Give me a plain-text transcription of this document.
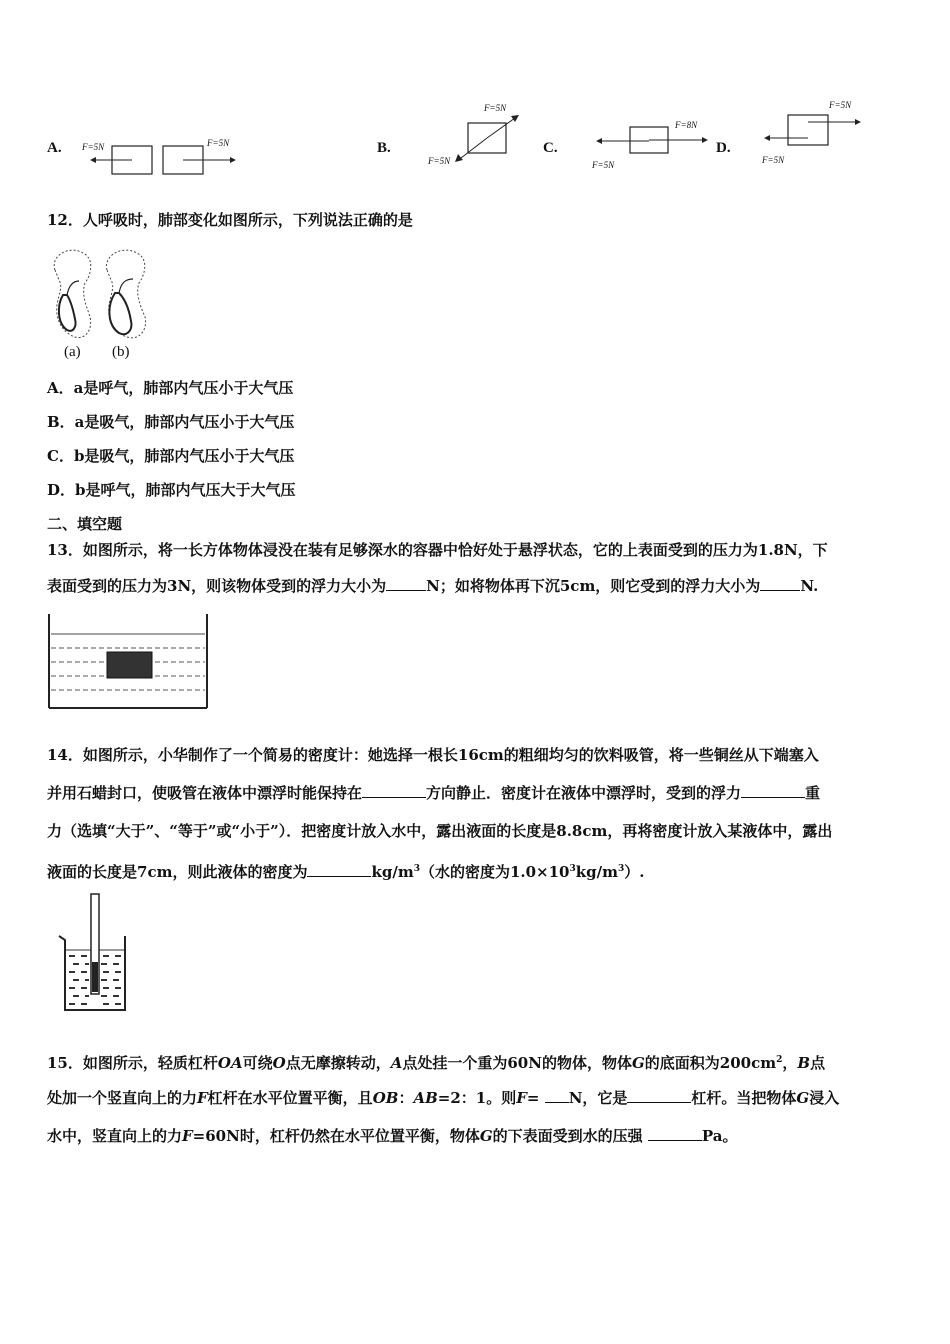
A. F=5N	F=5N	B.
F=5N
F=5N
C.
F=8N
F=5N
D.
F=5N
F=5N
12．人呼吸时，肺部变化如图所示，下列说法正确的是
(a) (b)
A．a是呼气，肺部内气压小于大气压
B．a是吸气，肺部内气压小于大气压
C．b是吸气，肺部内气压小于大气压
D．b是呼气，肺部内气压大于大气压
二、填空题
13．如图所示，将一长方体物体浸没在装有足够深水的容器中恰好处于悬浮状态，它的上表面受到的压力为1.8N，下
表面受到的压力为3N，则该物体受到的浮力大小为	N；如将物体再下沉5cm，则它受到的浮力大小为	N.
14．如图所示，小华制作了一个简易的密度计：她选择一根长16cm的粗细均匀的饮料吸管，将一些铜丝从下端塞入
并用石蜡封口，使吸管在液体中漂浮时能保持在	方向静止．密度计在液体中漂浮时，受到的浮力	重
力（选填“大于”、“等于”或“小于”）．把密度计放入水中，露出液面的长度是8.8cm，再将密度计放入某液体中，露出
液面的长度是7cm，则此液体的密度为	$kg/m^3$（水的密度为$1.0\times 10^3kg/m^3$）.
15．如图所示，轻质杠杆OA可绕O点无摩擦转动，A点处挂一个重为60N的物体，物体G的底面积为$200cm^2$，B点
处加一个竖直向上的力F杠杆在水平位置平衡，且OB：AB=2：1。则F= N，它是	杠杆。当把物体G浸入
水中，竖直向上的力F=60N时，杠杆仍然在水平位置平衡，物体G的下表面受到水的压强	Pa。
